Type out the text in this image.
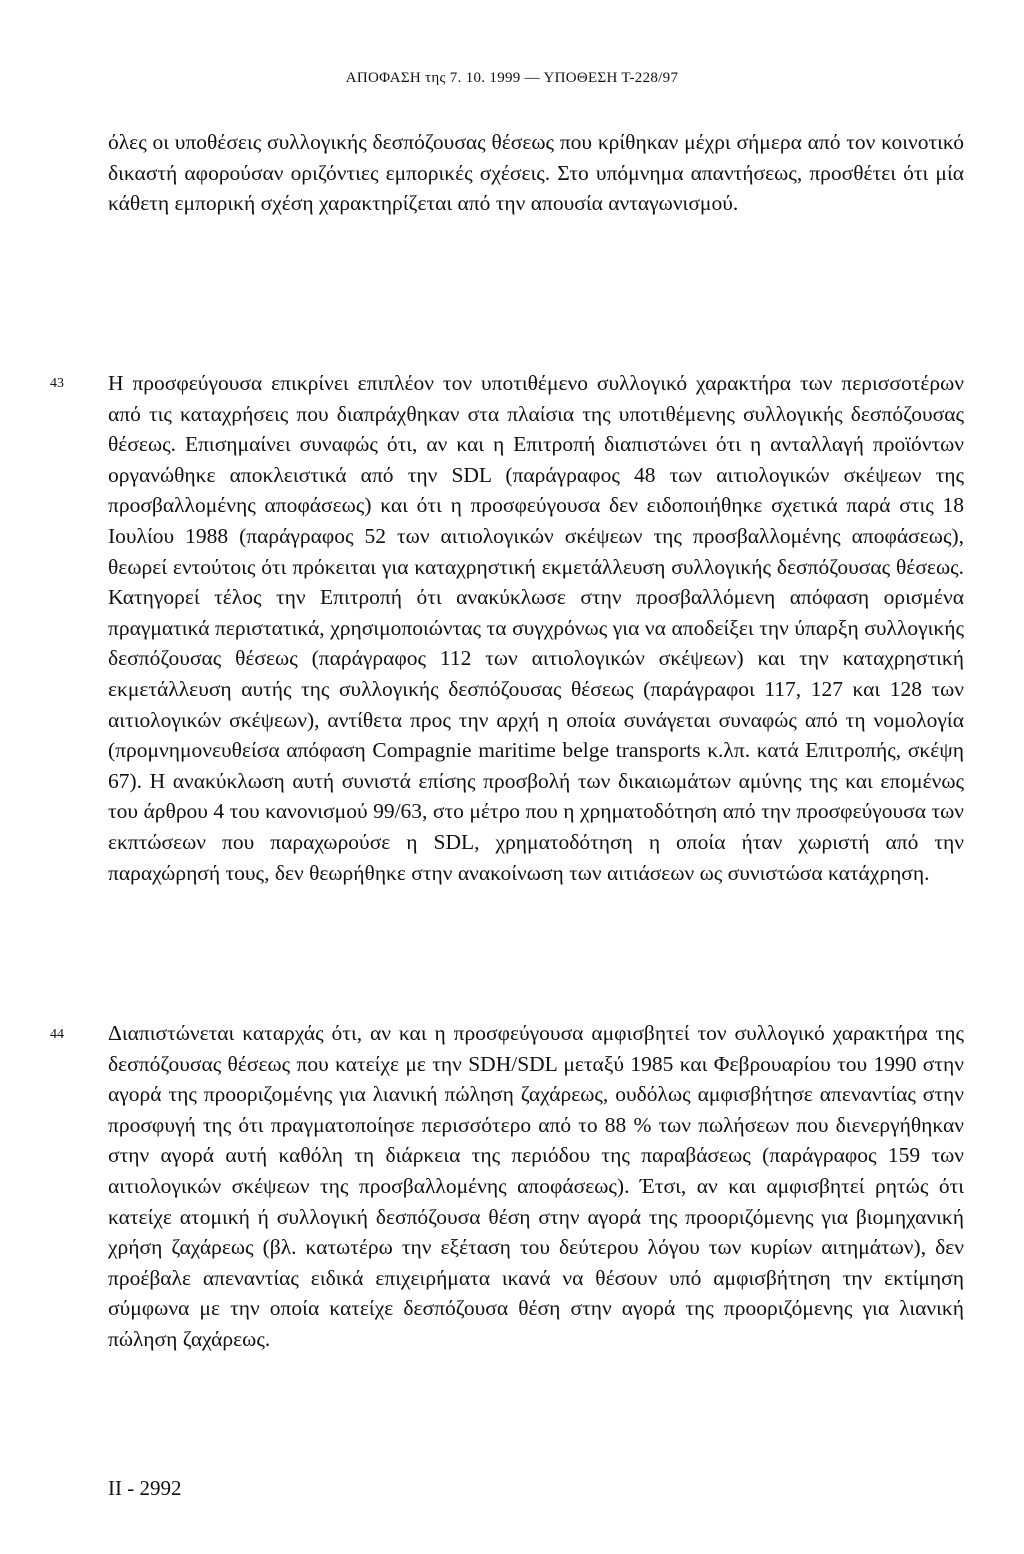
ΑΠΟΦΑΣΗ της 7. 10. 1999 — ΥΠΟΘΕΣΗ Τ-228/97
όλες οι υποθέσεις συλλογικής δεσπόζουσας θέσεως που κρίθηκαν μέχρι σήμερα από τον κοινοτικό δικαστή αφορούσαν οριζόντιες εμπορικές σχέσεις. Στο υπόμνημα απαντήσεως, προσθέτει ότι μία κάθετη εμπορική σχέση χαρακτηρίζεται από την απουσία ανταγωνισμού.
43 Η προσφεύγουσα επικρίνει επιπλέον τον υποτιθέμενο συλλογικό χαρακτήρα των περισσοτέρων από τις καταχρήσεις που διαπράχθηκαν στα πλαίσια της υποτιθέμενης συλλογικής δεσπόζουσας θέσεως. Επισημαίνει συναφώς ότι, αν και η Επιτροπή διαπιστώνει ότι η ανταλλαγή προϊόντων οργανώθηκε αποκλειστικά από την SDL (παράγραφος 48 των αιτιολογικών σκέψεων της προσβαλλομένης αποφάσεως) και ότι η προσφεύγουσα δεν ειδοποιήθηκε σχετικά παρά στις 18 Ιουλίου 1988 (παράγραφος 52 των αιτιολογικών σκέψεων της προσβαλλομένης αποφάσεως), θεωρεί εντούτοις ότι πρόκειται για καταχρηστική εκμετάλλευση συλλογικής δεσπόζουσας θέσεως. Κατηγορεί τέλος την Επιτροπή ότι ανακύκλωσε στην προσβαλλόμενη απόφαση ορισμένα πραγματικά περιστατικά, χρησιμοποιώντας τα συγχρόνως για να αποδείξει την ύπαρξη συλλογικής δεσπόζουσας θέσεως (παράγραφος 112 των αιτιολογικών σκέψεων) και την καταχρηστική εκμετάλλευση αυτής της συλλογικής δεσπόζουσας θέσεως (παράγραφοι 117, 127 και 128 των αιτιολογικών σκέψεων), αντίθετα προς την αρχή η οποία συνάγεται συναφώς από τη νομολογία (προμνημονευθείσα απόφαση Compagnie maritime belge transports κ.λπ. κατά Επιτροπής, σκέψη 67). Η ανακύκλωση αυτή συνιστά επίσης προσβολή των δικαιωμάτων αμύνης της και επομένως του άρθρου 4 του κανονισμού 99/63, στο μέτρο που η χρηματοδότηση από την προσφεύγουσα των εκπτώσεων που παραχωρούσε η SDL, χρηματοδότηση η οποία ήταν χωριστή από την παραχώρησή τους, δεν θεωρήθηκε στην ανακοίνωση των αιτιάσεων ως συνιστώσα κατάχρηση.
44 Διαπιστώνεται καταρχάς ότι, αν και η προσφεύγουσα αμφισβητεί τον συλλογικό χαρακτήρα της δεσπόζουσας θέσεως που κατείχε με την SDH/SDL μεταξύ 1985 και Φεβρουαρίου του 1990 στην αγορά της προοριζομένης για λιανική πώληση ζαχάρεως, ουδόλως αμφισβήτησε απεναντίας στην προσφυγή της ότι πραγματοποίησε περισσότερο από το 88 % των πωλήσεων που διενεργήθηκαν στην αγορά αυτή καθόλη τη διάρκεια της περιόδου της παραβάσεως (παράγραφος 159 των αιτιολογικών σκέψεων της προσβαλλομένης αποφάσεως). Έτσι, αν και αμφισβητεί ρητώς ότι κατείχε ατομική ή συλλογική δεσπόζουσα θέση στην αγορά της προοριζόμενης για βιομηχανική χρήση ζαχάρεως (βλ. κατωτέρω την εξέταση του δεύτερου λόγου των κυρίων αιτημάτων), δεν προέβαλε απεναντίας ειδικά επιχειρήματα ικανά να θέσουν υπό αμφισβήτηση την εκτίμηση σύμφωνα με την οποία κατείχε δεσπόζουσα θέση στην αγορά της προοριζόμενης για λιανική πώληση ζαχάρεως.
II - 2992
